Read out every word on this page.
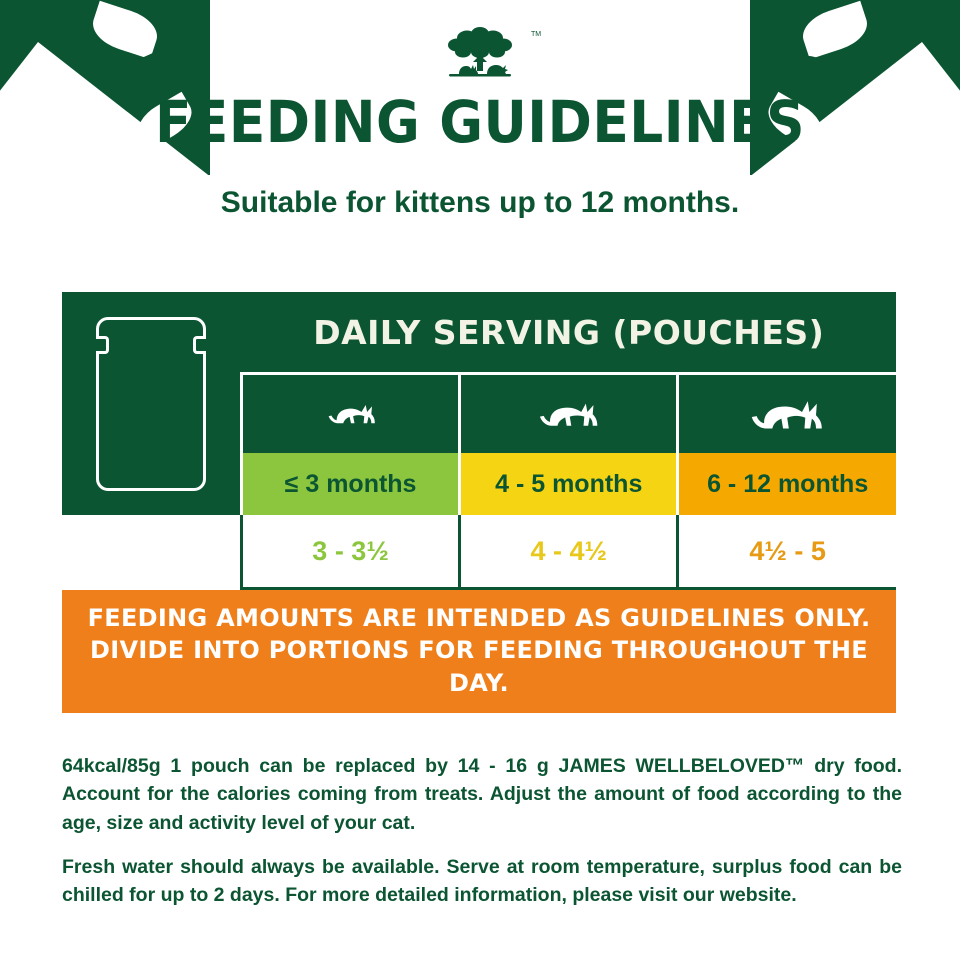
TM
FEEDING GUIDELINES
Suitable for kittens up to 12 months.
	DAILY SERVING (POUCHES)		

	≤ 3 months	4 - 5 months	6 - 12 months
	3 - 3½	4 - 4½	4½ - 5
FEEDING AMOUNTS ARE INTENDED AS GUIDELINES ONLY.
DIVIDE INTO PORTIONS FOR FEEDING THROUGHOUT THE DAY.

64kcal/85g 1 pouch can be replaced by 14 - 16 g JAMES WELLBELOVED™ dry food. Account for the calories coming from treats. Adjust the amount of food according to the age, size and activity level of your cat.

Fresh water should always be available. Serve at room temperature, surplus food can be chilled for up to 2 days. For more detailed information, please visit our website.
